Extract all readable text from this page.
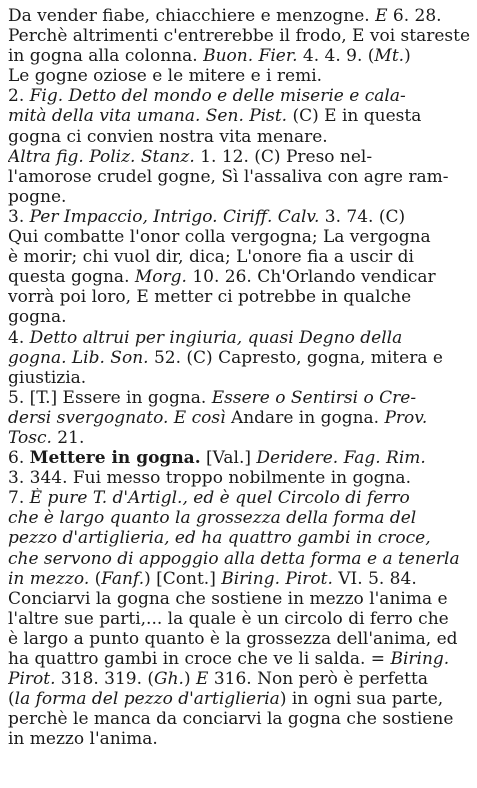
Da vender fiabe, chiacchiere e menzogne. E 6. 28.
Perchè altrimenti c'entrerebbe il frodo, E voi stareste
in gogna alla colonna. Buon. Fier. 4. 4. 9. (Mt.)
Le gogne oziose e le mitere e i remi.
2. Fig. Detto del mondo e delle miserie e cala-
mità della vita umana. Sen. Pist. (C) E in questa
gogna ci convien nostra vita menare.
Altra fig. Poliz. Stanz. 1. 12. (C) Preso nel-
l'amorose crudel gogne, Sì l'assaliva con agre ram-
pogne.
3. Per Impaccio, Intrigo. Ciriff. Calv. 3. 74. (C)
Qui combatte l'onor colla vergogna; La vergogna
è morir; chi vuol dir, dica; L'onore fia a uscir di
questa gogna. Morg. 10. 26. Ch'Orlando vendicar
vorrà poi loro, E metter ci potrebbe in qualche
gogna.
4. Detto altrui per ingiuria, quasi Degno della
gogna. Lib. Son. 52. (C) Capresto, gogna, mitera e
giustizia.
5. [T.] Essere in gogna. Essere o Sentirsi o Cre-
dersi svergognato. E così Andare in gogna. Prov.
Tosc. 21.
6. Mettere in gogna. [Val.] Deridere. Fag. Rim.
3. 344. Fui messo troppo nobilmente in gogna.
7. È pure T. d'Artigl., ed è quel Circolo di ferro
che è largo quanto la grossezza della forma del
pezzo d'artiglieria, ed ha quattro gambi in croce,
che servono di appoggio alla detta forma e a tenerla
in mezzo. (Fanf.) [Cont.] Biring. Pirot. VI. 5. 84.
Conciarvi la gogna che sostiene in mezzo l'anima e
l'altre sue parti,... la quale è un circolo di ferro che
è largo a punto quanto è la grossezza dell'anima, ed
ha quattro gambi in croce che ve li salda. = Biring.
Pirot. 318. 319. (Gh.) E 316. Non però è perfetta
(la forma del pezzo d'artiglieria) in ogni sua parte,
perchè le manca da conciarvi la gogna che sostiene
in mezzo l'anima.
